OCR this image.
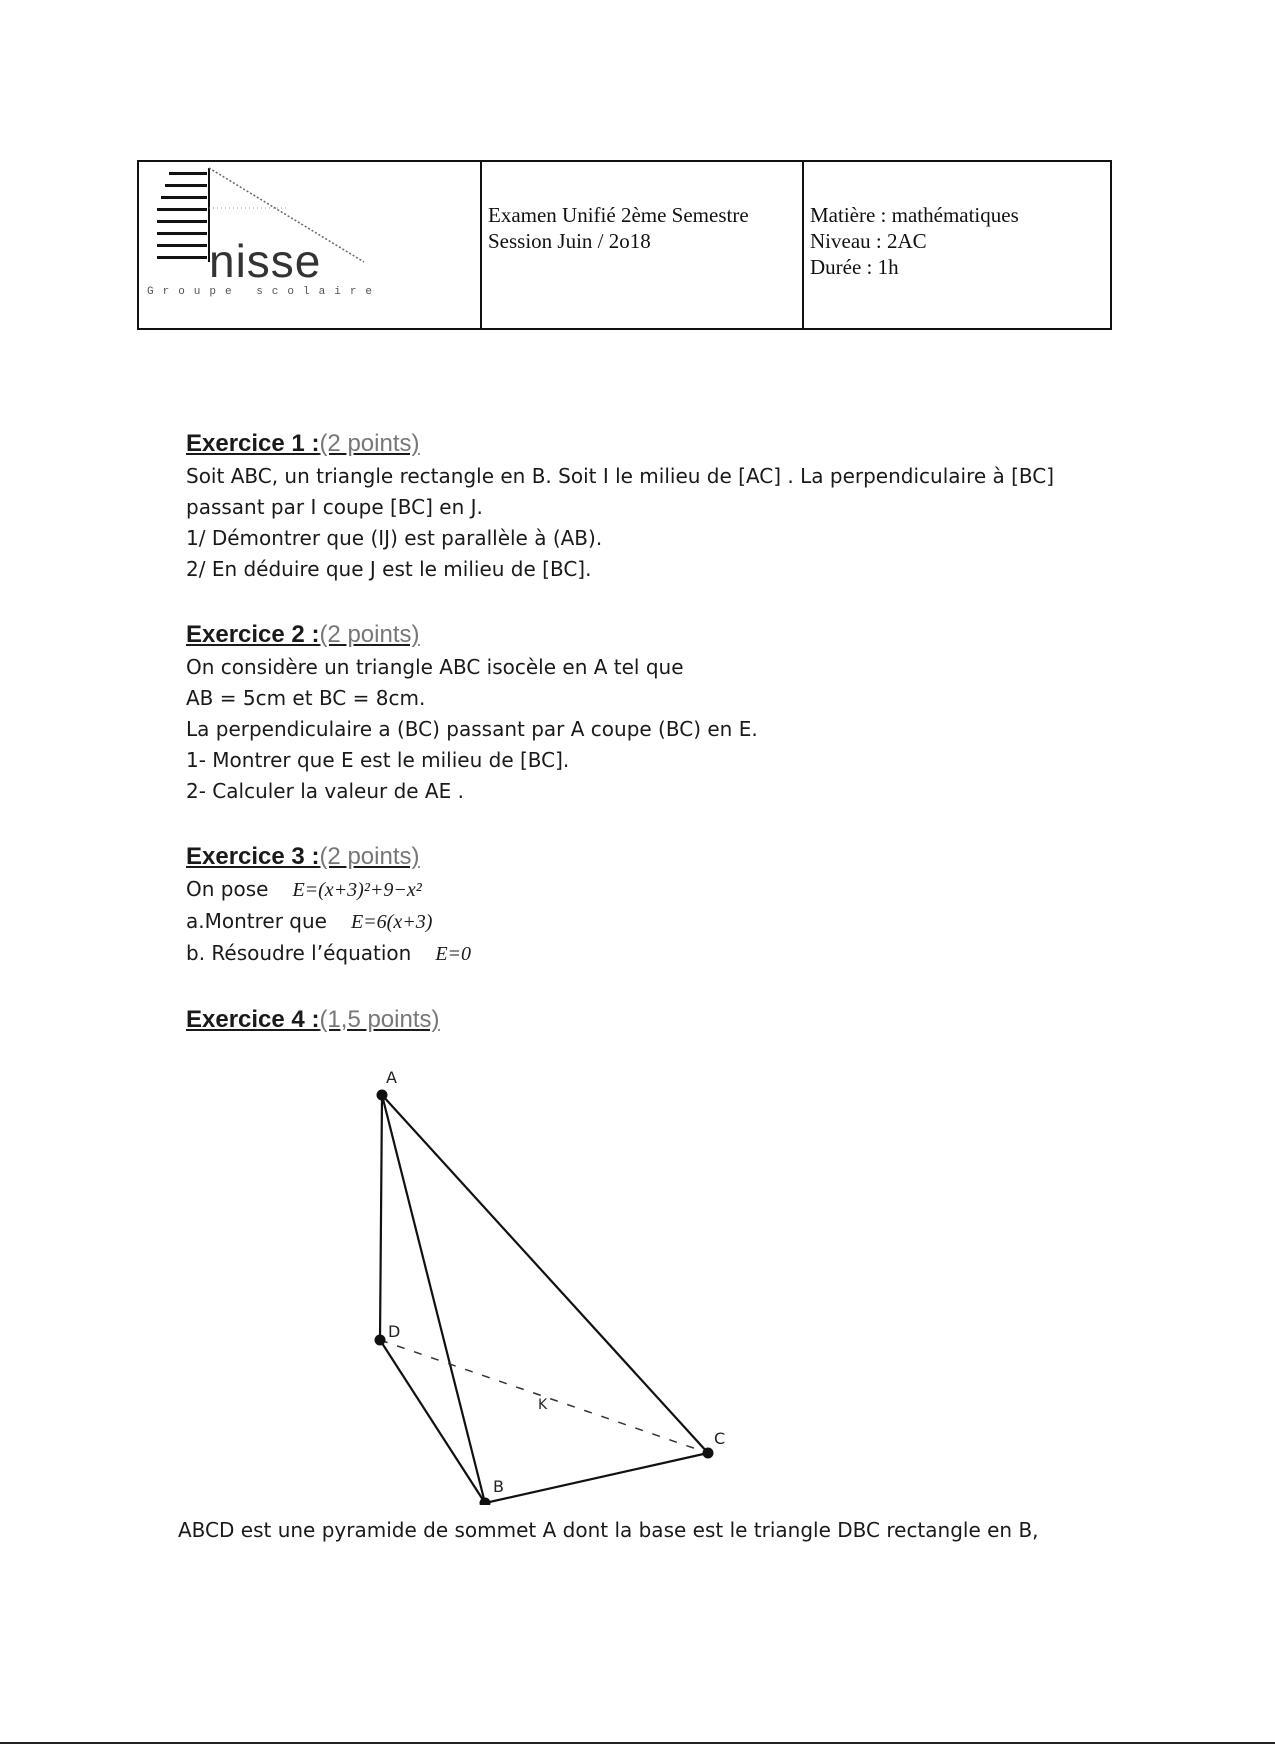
nisse
Groupe scolaire
Examen Unifié 2ème Semestre
Session Juin / 2o18
Matière : mathématiques
Niveau : 2AC
Durée : 1h
Exercice 1 :(2 points)
Soit ABC, un triangle rectangle en B. Soit I le milieu de [AC] . La perpendiculaire à [BC]
passant par I coupe [BC] en J.
1/ Démontrer que (IJ) est parallèle à (AB).
2/ En déduire que J est le milieu de [BC].
Exercice 2 :(2 points)
On considère un triangle ABC isocèle en A tel que
AB = 5cm et BC = 8cm.
La perpendiculaire a (BC) passant par A coupe (BC) en E.
1- Montrer que E est le milieu de [BC].
2- Calculer la valeur de AE .
Exercice 3 :(2 points)
On pose E=(x+3)²+9−x²
a.Montrer que E=6(x+3)
b. Résoudre l’équation E=0
Exercice 4 :(1,5 points)
A
D
B
C
K
ABCD est une pyramide de sommet A dont la base est le triangle DBC rectangle en B,
